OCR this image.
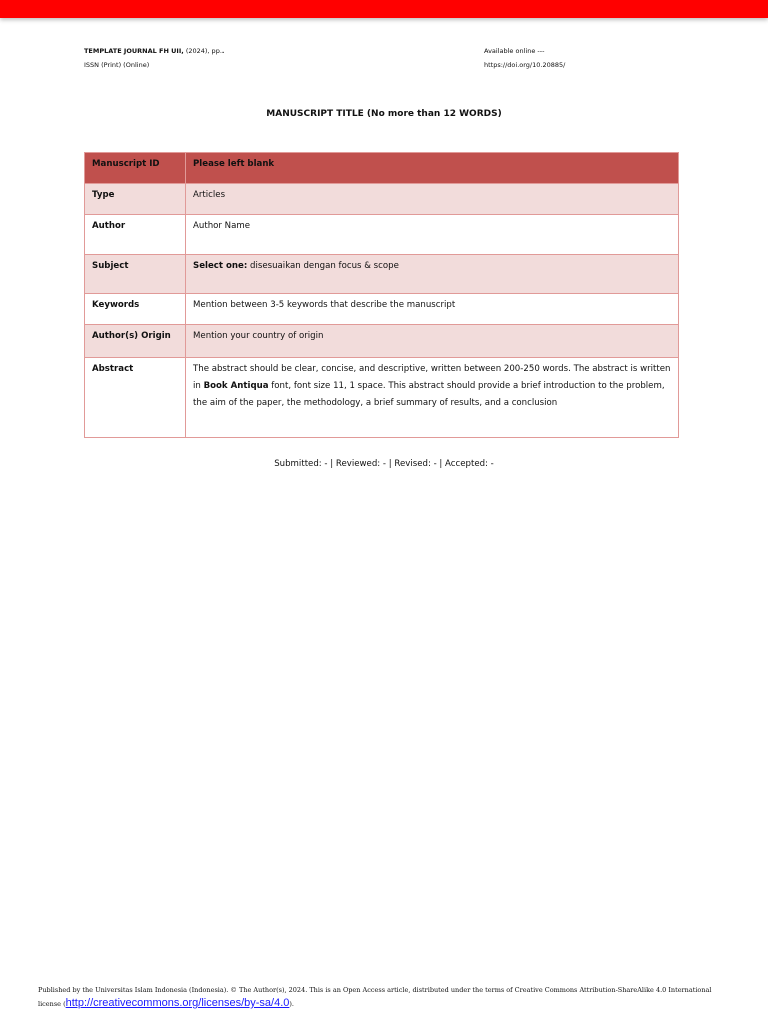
TEMPLATE JOURNAL FH UII, (2024), pp..
ISSN (Print) (Online)
Available online ---
https://doi.org/10.20885/
MANUSCRIPT TITLE (No more than 12 WORDS)
Manuscript ID	Please left blank

Type	Articles

Author	Author Name

Subject	Select one: disesuaikan dengan focus & scope

Keywords	Mention between 3-5 keywords that describe the manuscript

Author(s) Origin	Mention your country of origin

Abstract	The abstract should be clear, concise, and descriptive, written between 200-250 words. The abstract is written in Book Antiqua font, font size 11, 1 space. This abstract should provide a brief introduction to the problem, the aim of the paper, the methodology, a brief summary of results, and a conclusion
Submitted: - | Reviewed: - | Revised: - | Accepted: -
Published by the Universitas Islam Indonesia (Indonesia). © The Author(s), 2024. This is an Open Access article, distributed under the terms of Creative Commons Attribution-ShareAlike 4.0 International license (http://creativecommons.org/licenses/by-sa/4.0).
